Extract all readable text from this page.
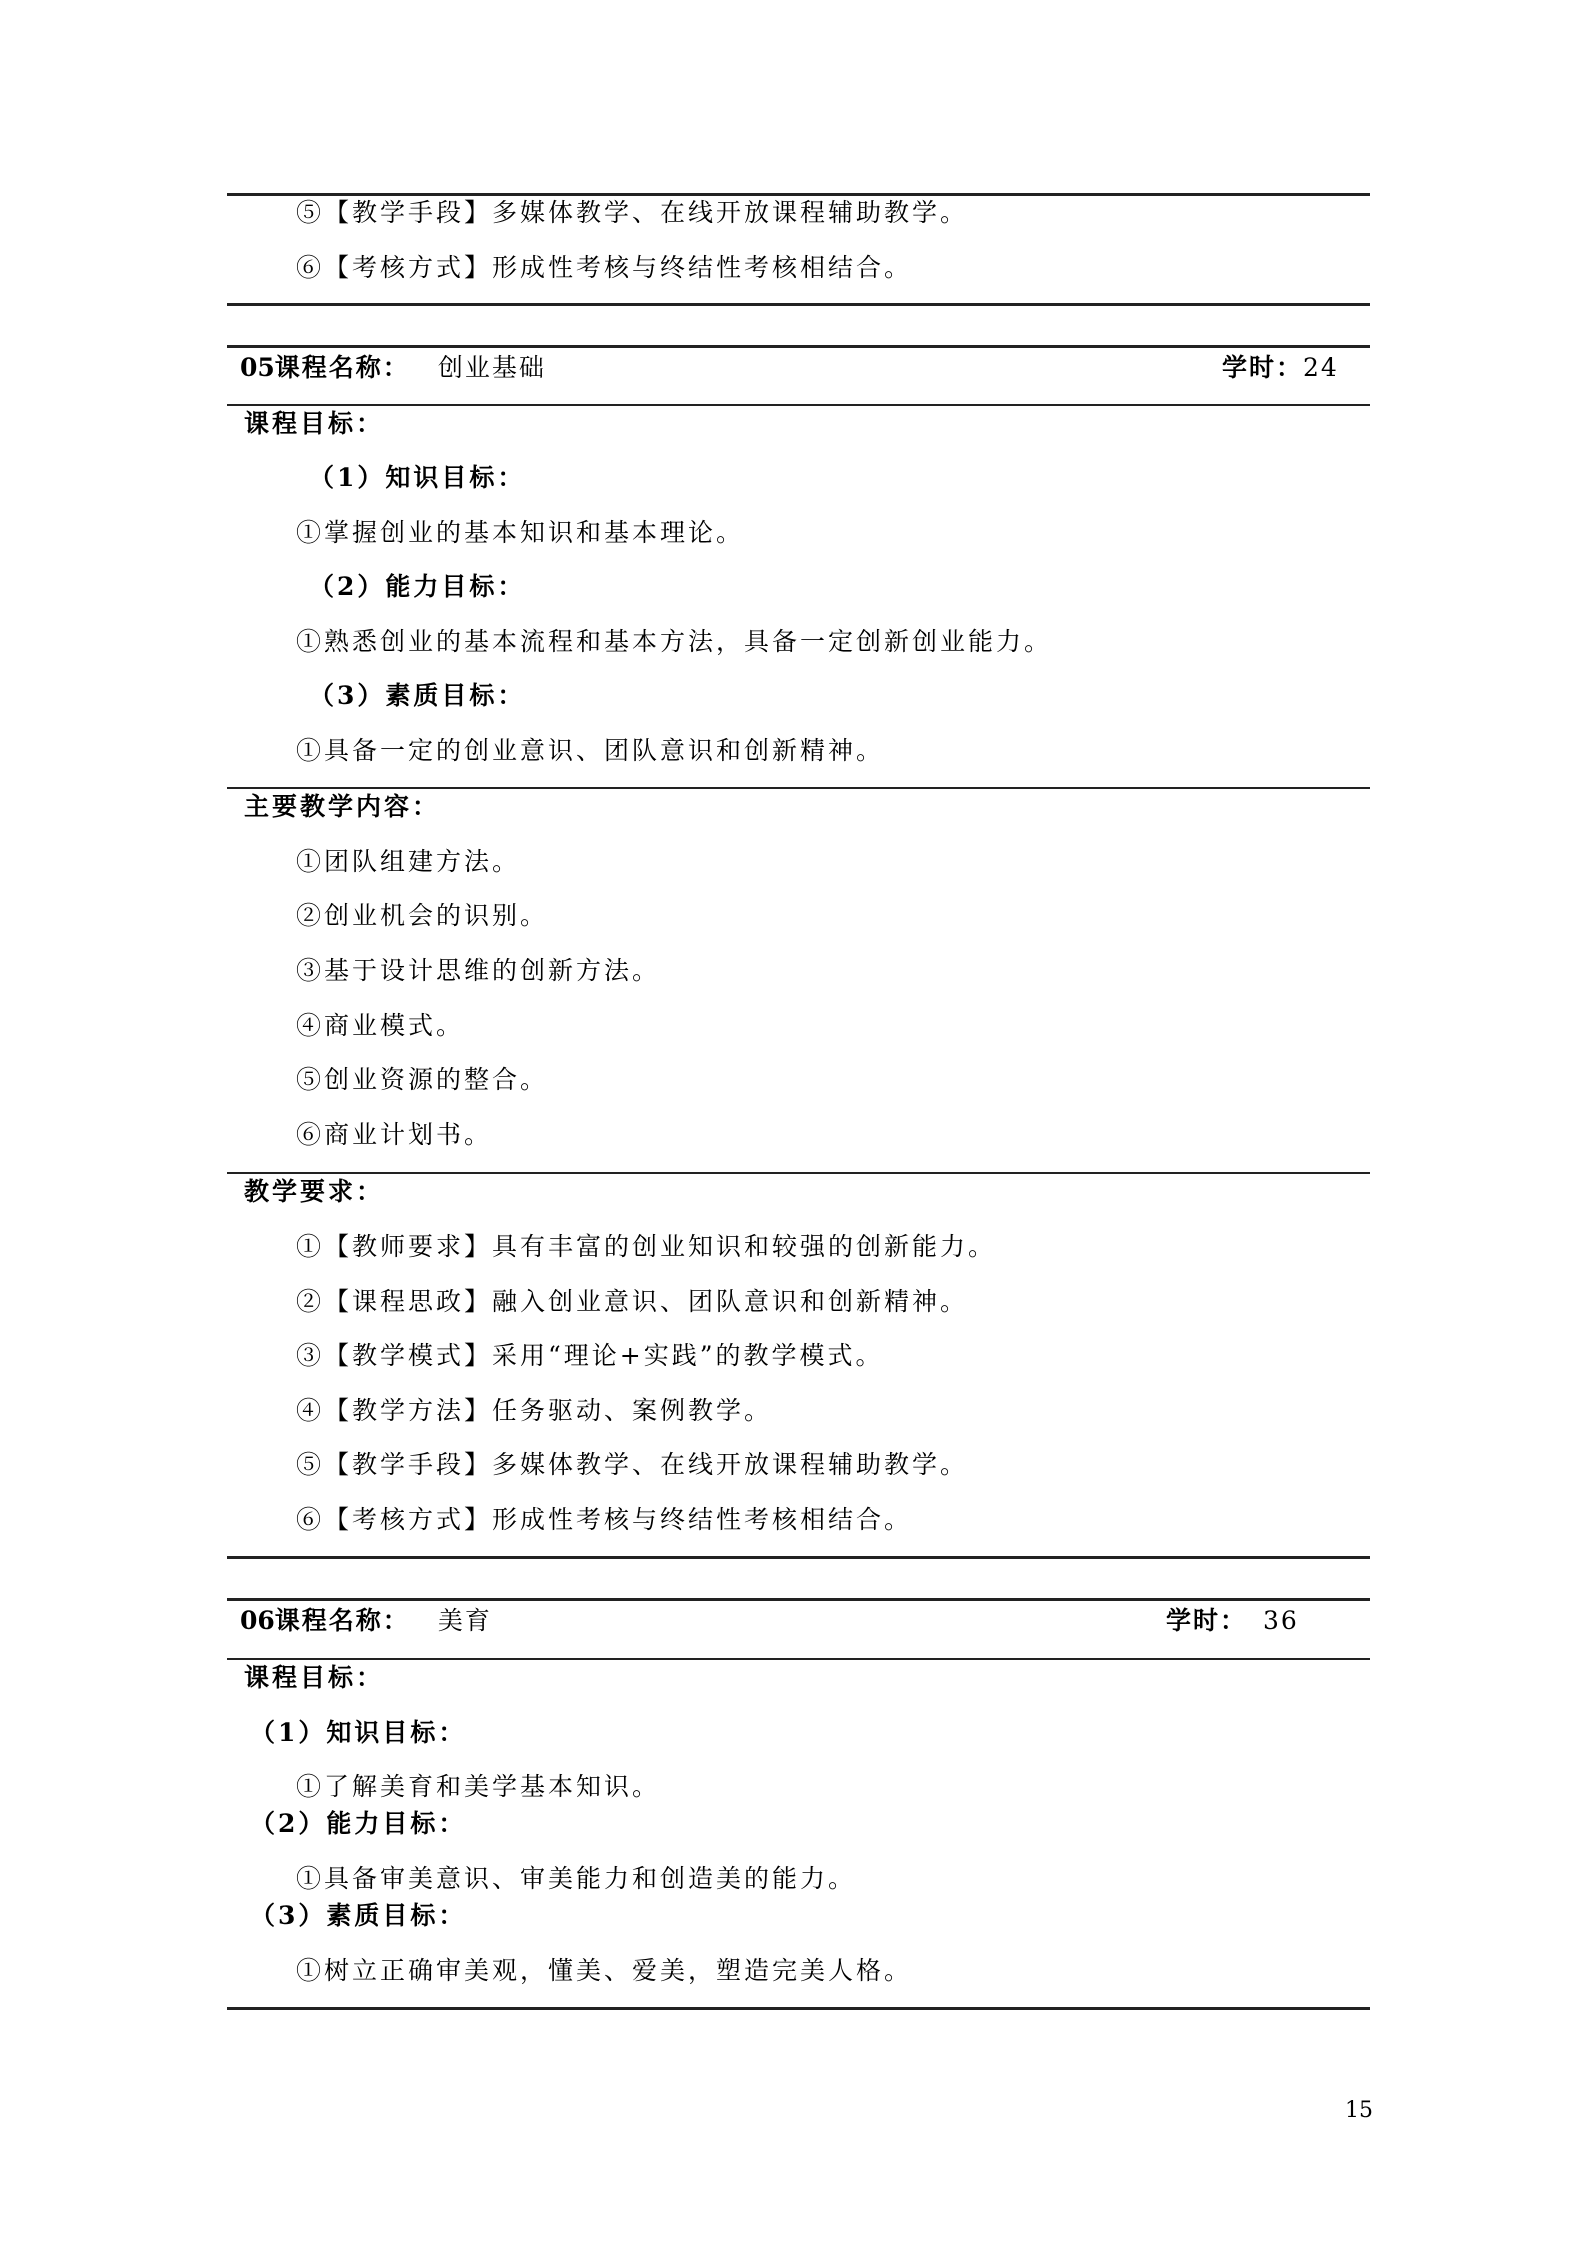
⑤【教学手段】多媒体教学、在线开放课程辅助教学。
⑥【考核方式】形成性考核与终结性考核相结合。
05课程名称： 创业基础	学时：24
课程目标：
（1）知识目标：
①掌握创业的基本知识和基本理论。
（2）能力目标：
①熟悉创业的基本流程和基本方法，具备一定创新创业能力。
（3）素质目标：
①具备一定的创业意识、团队意识和创新精神。
主要教学内容：
①团队组建方法。
②创业机会的识别。
③基于设计思维的创新方法。
④商业模式。
⑤创业资源的整合。
⑥商业计划书。
教学要求：
①【教师要求】具有丰富的创业知识和较强的创新能力。
②【课程思政】融入创业意识、团队意识和创新精神。
③【教学模式】采用“理论+实践”的教学模式。
④【教学方法】任务驱动、案例教学。
⑤【教学手段】多媒体教学、在线开放课程辅助教学。
⑥【考核方式】形成性考核与终结性考核相结合。
06课程名称： 美育	学时： 36
课程目标：
（1）知识目标：
①了解美育和美学基本知识。
（2）能力目标：
①具备审美意识、审美能力和创造美的能力。
（3）素质目标：
①树立正确审美观，懂美、爱美，塑造完美人格。
15
